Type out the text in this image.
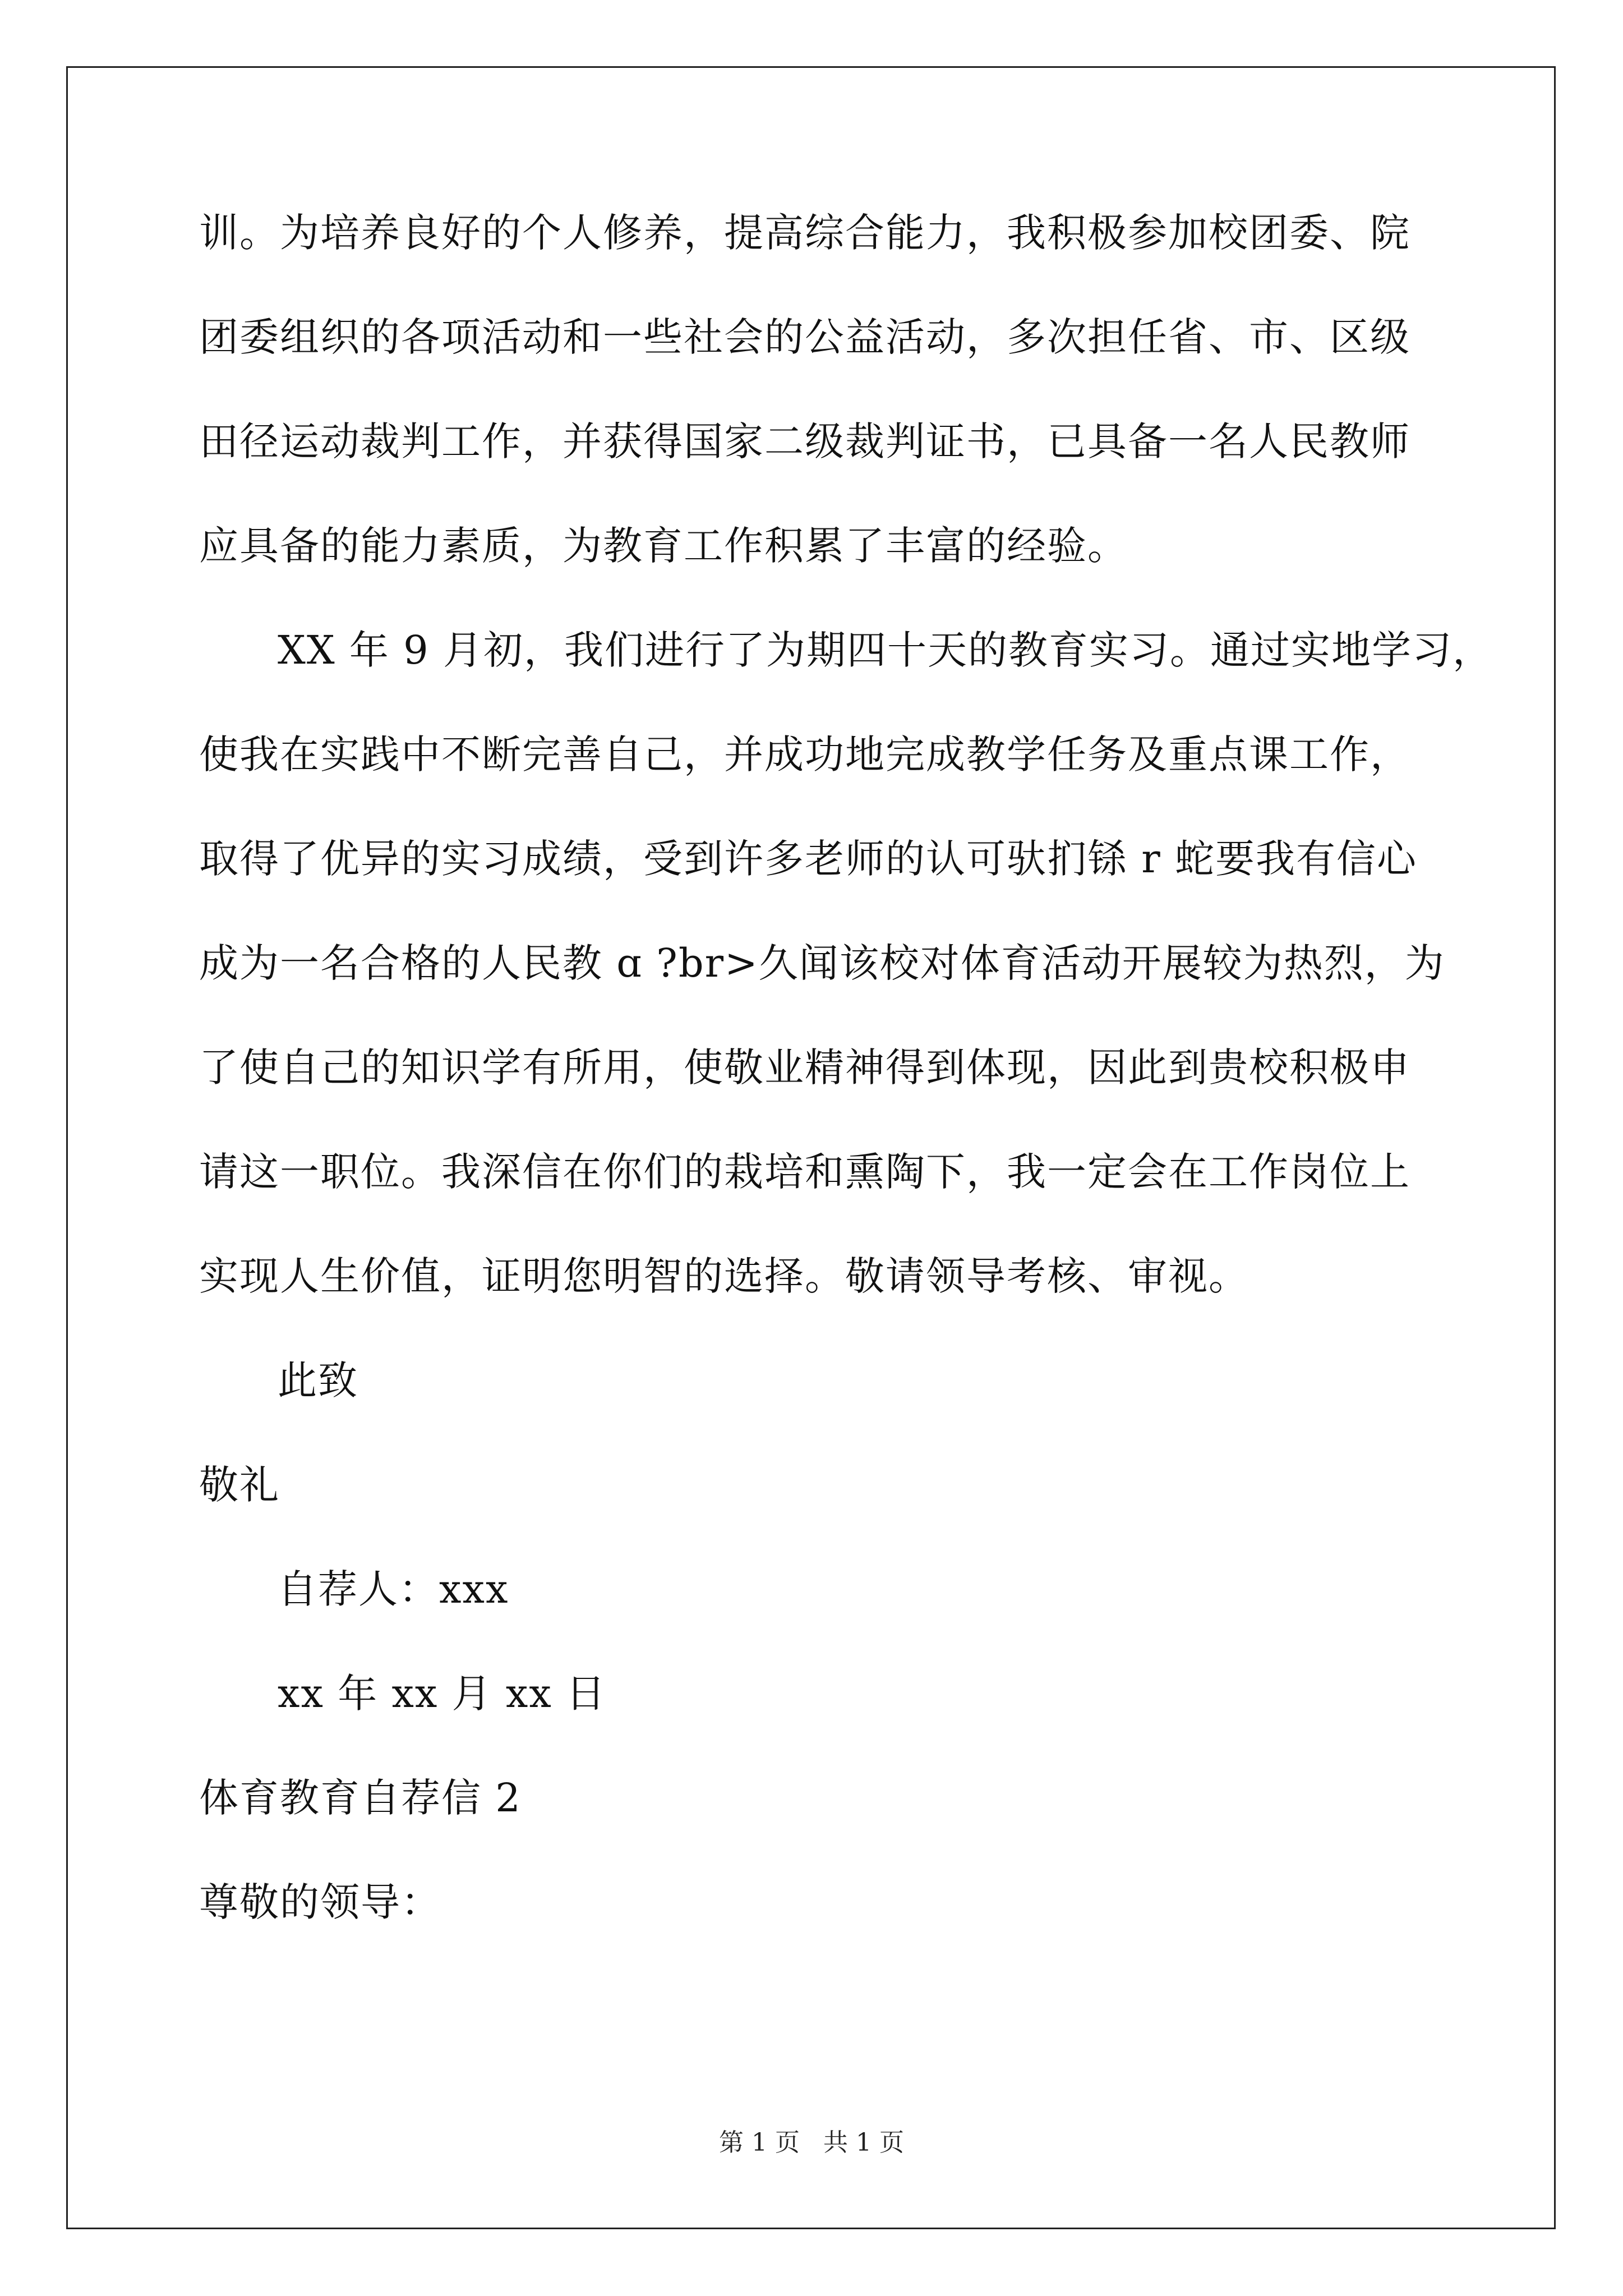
训。为培养良好的个人修养，提高综合能力，我积极参加校团委、院
团委组织的各项活动和一些社会的公益活动，多次担任省、市、区级
田径运动裁判工作，并获得国家二级裁判证书，已具备一名人民教师
应具备的能力素质，为教育工作积累了丰富的经验。
XX 年 9 月初，我们进行了为期四十天的教育实习。通过实地学习，
使我在实践中不断完善自己，并成功地完成教学任务及重点课工作，
取得了优异的实习成绩，受到许多老师的认可驮扪铩 r 蛇要我有信心
成为一名合格的人民教 ɑ ?br>久闻该校对体育活动开展较为热烈，为
了使自己的知识学有所用，使敬业精神得到体现，因此到贵校积极申
请这一职位。我深信在你们的栽培和熏陶下，我一定会在工作岗位上
实现人生价值，证明您明智的选择。敬请领导考核、审视。
此致
敬礼
自荐人：xxx
xx 年 xx 月 xx 日
体育教育自荐信 2
尊敬的领导：
第 1 页 共 1 页
